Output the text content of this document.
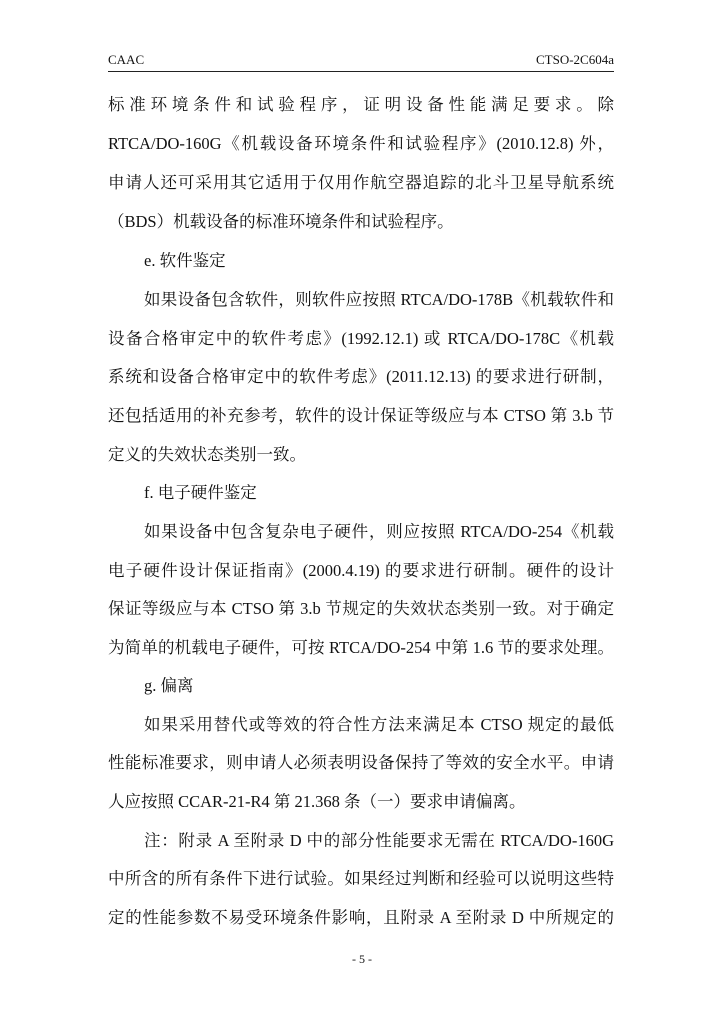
CAAC	CTSO-2C604a
标准环境条件和试验程序，证明设备性能满足要求。除
RTCA/DO-160G《机载设备环境条件和试验程序》(2010.12.8) 外，
申请人还可采用其它适用于仅用作航空器追踪的北斗卫星导航系统
（BDS）机载设备的标准环境条件和试验程序。
e. 软件鉴定
如果设备包含软件，则软件应按照 RTCA/DO-178B《机载软件和
设备合格审定中的软件考虑》(1992.12.1) 或 RTCA/DO-178C《机载
系统和设备合格审定中的软件考虑》(2011.12.13) 的要求进行研制，
还包括适用的补充参考，软件的设计保证等级应与本 CTSO 第 3.b 节
定义的失效状态类别一致。
f. 电子硬件鉴定
如果设备中包含复杂电子硬件，则应按照 RTCA/DO-254《机载
电子硬件设计保证指南》(2000.4.19) 的要求进行研制。硬件的设计
保证等级应与本 CTSO 第 3.b 节规定的失效状态类别一致。对于确定
为简单的机载电子硬件，可按 RTCA/DO-254 中第 1.6 节的要求处理。
g. 偏离
如果采用替代或等效的符合性方法来满足本 CTSO 规定的最低
性能标准要求，则申请人必须表明设备保持了等效的安全水平。申请
人应按照 CCAR-21-R4 第 21.368 条（一）要求申请偏离。
注：附录 A 至附录 D 中的部分性能要求无需在 RTCA/DO-160G
中所含的所有条件下进行试验。如果经过判断和经验可以说明这些特
定的性能参数不易受环境条件影响，且附录 A 至附录 D 中所规定的
- 5 -
